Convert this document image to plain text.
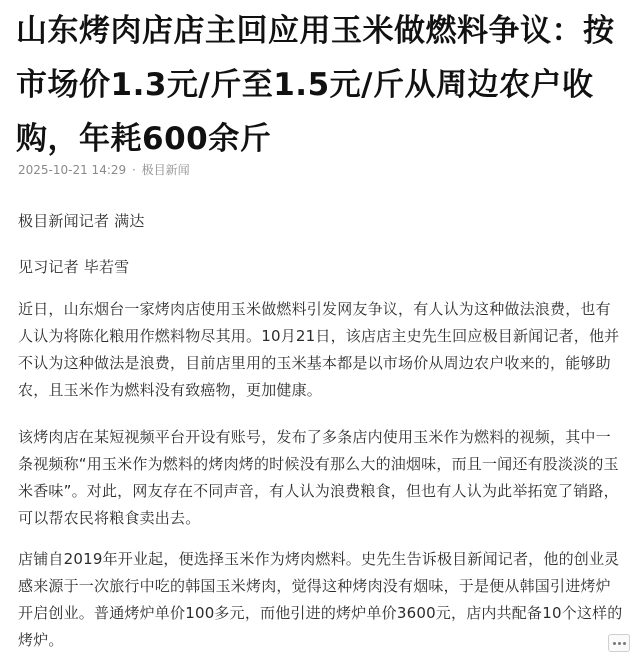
山东烤肉店店主回应用玉米做燃料争议：按市场价1.3元/斤至1.5元/斤从周边农户收购，年耗600余斤
2025-10-21 14:29 · 极目新闻

极目新闻记者 满达

见习记者 毕若雪

近日，山东烟台一家烤肉店使用玉米做燃料引发网友争议，有人认为这种做法浪费，也有人认为将陈化粮用作燃料物尽其用。10月21日，该店店主史先生回应极目新闻记者，他并不认为这种做法是浪费，目前店里用的玉米基本都是以市场价从周边农户收来的，能够助农，且玉米作为燃料没有致癌物，更加健康。

该烤肉店在某短视频平台开设有账号，发布了多条店内使用玉米作为燃料的视频，其中一条视频称“用玉米作为燃料的烤肉烤的时候没有那么大的油烟味，而且一闻还有股淡淡的玉米香味”。对此，网友存在不同声音，有人认为浪费粮食，但也有人认为此举拓宽了销路，可以帮农民将粮食卖出去。

店铺自2019年开业起，便选择玉米作为烤肉燃料。史先生告诉极目新闻记者，他的创业灵感来源于一次旅行中吃的韩国玉米烤肉，觉得这种烤肉没有烟味，于是便从韩国引进烤炉开启创业。普通烤炉单价100多元，而他引进的烤炉单价3600元，店内共配备10个这样的烤炉。
